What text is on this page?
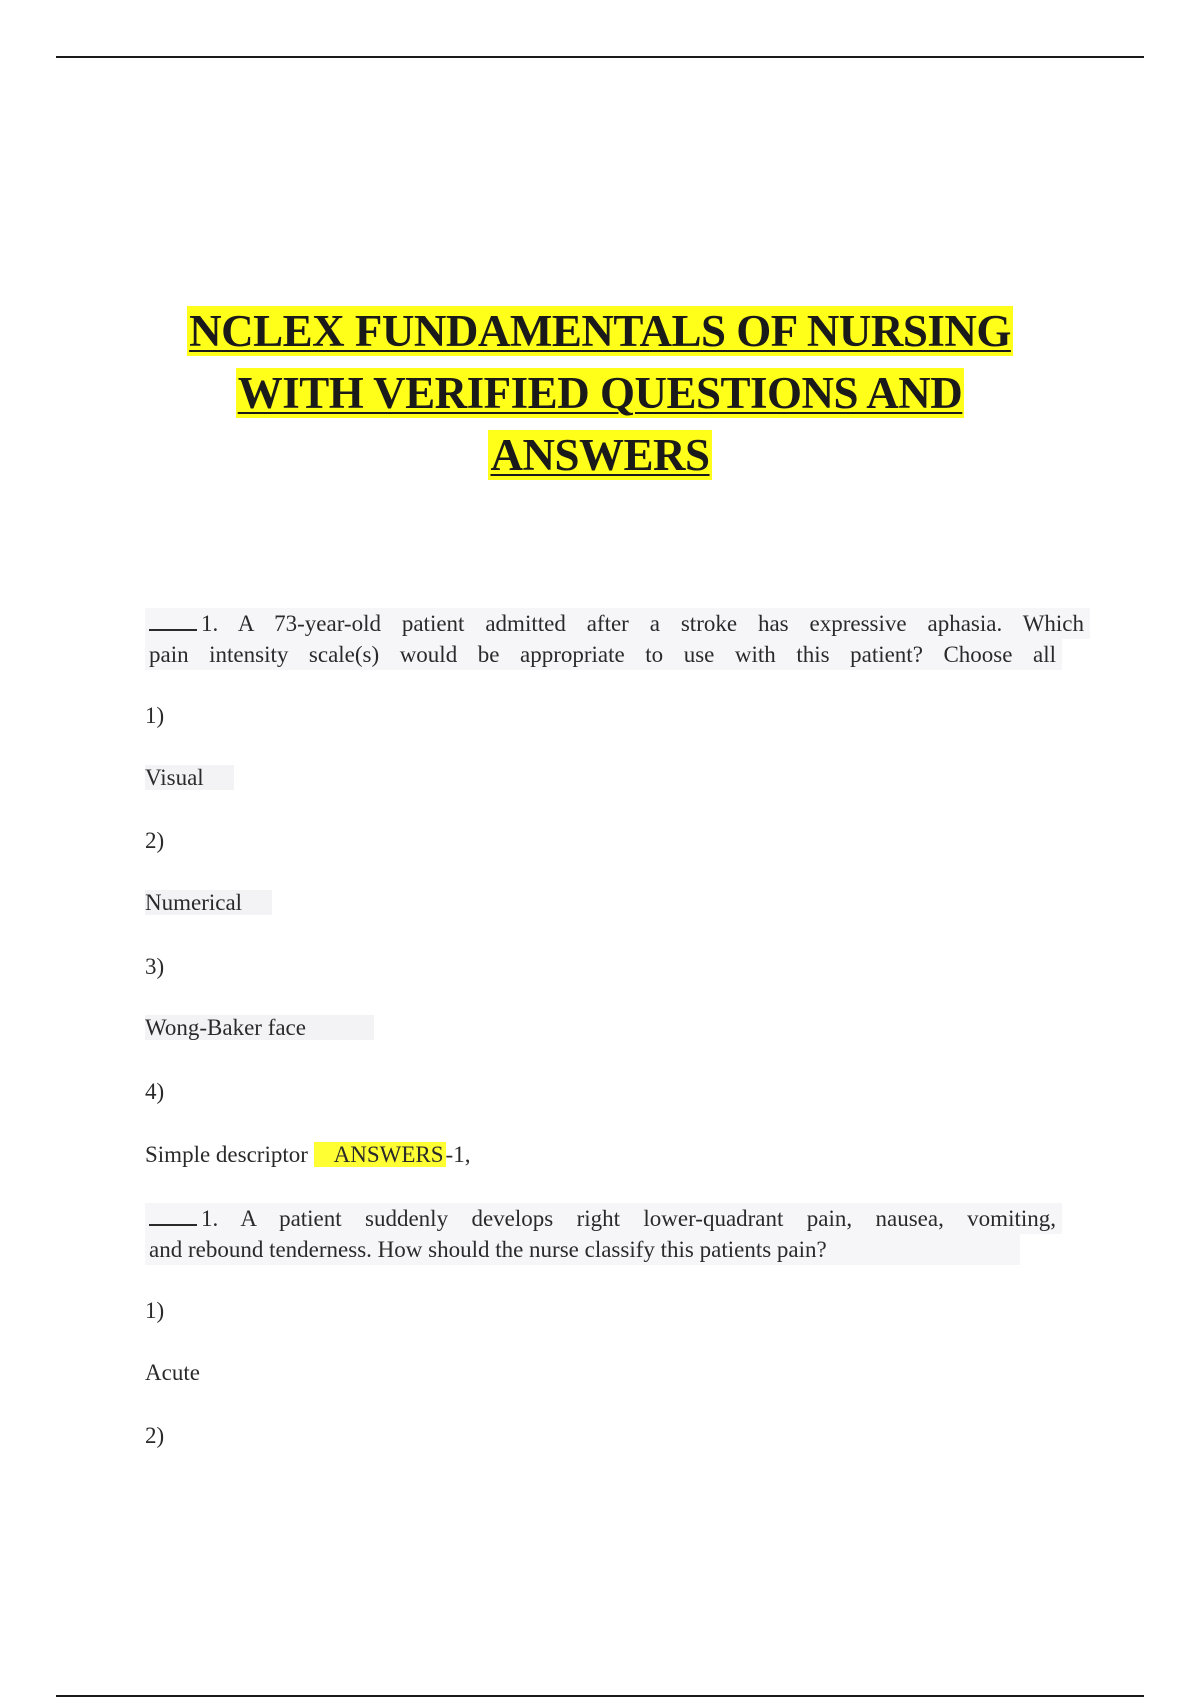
NCLEX FUNDAMENTALS OF NURSING
WITH VERIFIED QUESTIONS AND
ANSWERS
1. A 73-year-old patient admitted after a stroke has expressive aphasia. Which
pain intensity scale(s) would be appropriate to use with this patient? Choose all
1)
Visual
2)
Numerical
3)
Wong-Baker face
4)
Simple descriptor ANSWERS-1,
1. A patient suddenly develops right lower-quadrant pain, nausea, vomiting,
and rebound tenderness. How should the nurse classify this patients pain?
1)
Acute
2)
